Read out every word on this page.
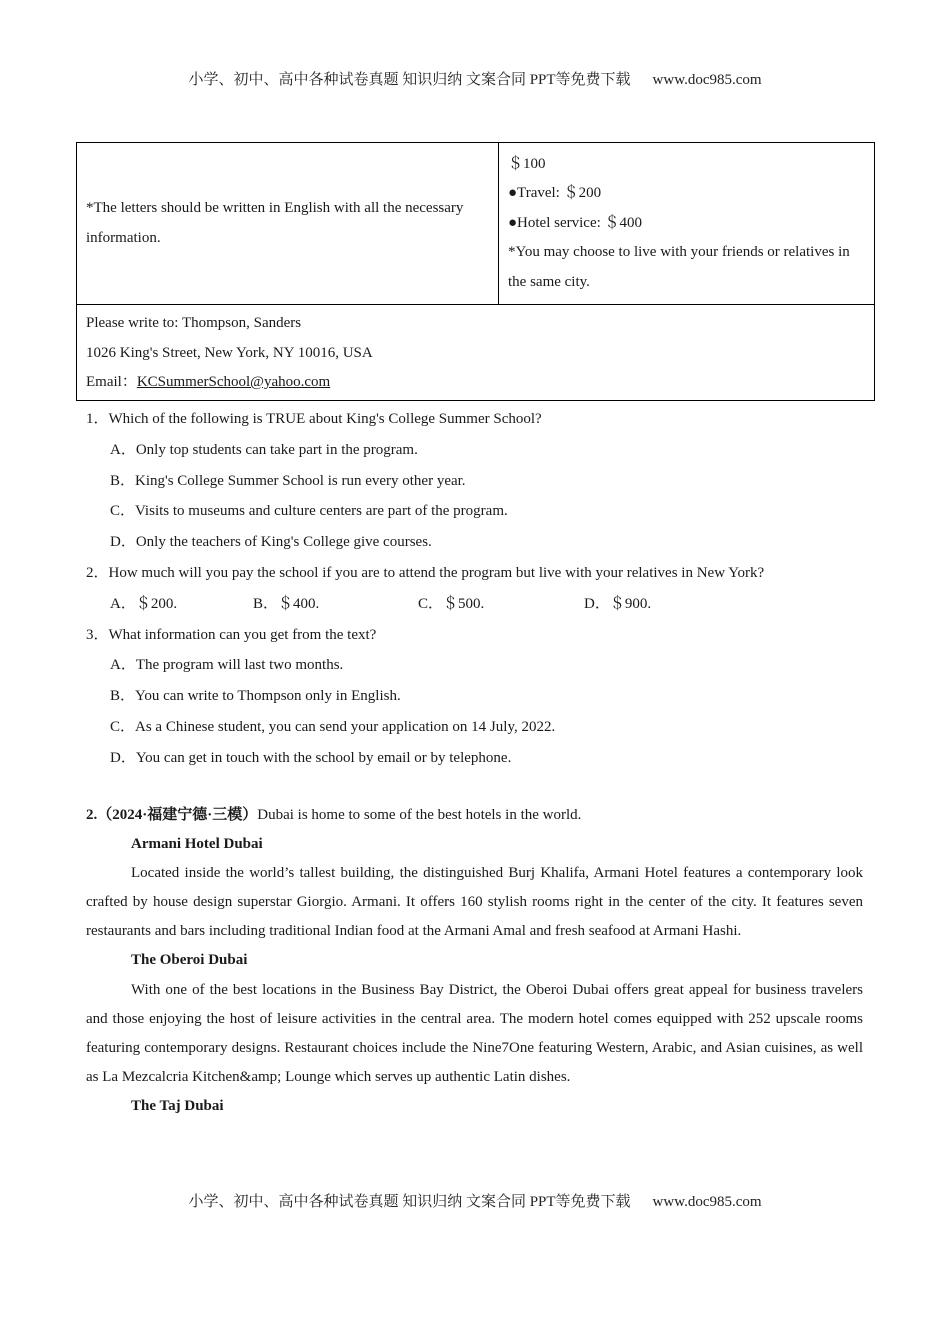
小学、初中、高中各种试卷真题 知识归纳 文案合同 PPT等免费下载 www.doc985.com
*The letters should be written in English with all the necessary information.	
＄100
●Travel: ＄200
●Hotel service: ＄400
*You may choose to live with your friends or relatives in the same city.

Please write to: Thompson, Sanders
1026 King's Street, New York, NY 10016, USA
Email：KCSummerSchool@yahoo.com
1．Which of the following is TRUE about King's College Summer School?
A．Only top students can take part in the program.
B．King's College Summer School is run every other year.
C．Visits to museums and culture centers are part of the program.
D．Only the teachers of King's College give courses.
2．How much will you pay the school if you are to attend the program but live with your relatives in New York?
A．＄200.	B．＄400.	C．＄500.	D．＄900.
3．What information can you get from the text?
A．The program will last two months.
B．You can write to Thompson only in English.
C．As a Chinese student, you can send your application on 14 July, 2022.
D．You can get in touch with the school by email or by telephone.

2.（2024·福建宁德·三模）Dubai is home to some of the best hotels in the world.

Armani Hotel Dubai

Located inside the world’s tallest building, the distinguished Burj Khalifa, Armani Hotel features a contemporary look crafted by house design superstar Giorgio. Armani. It offers 160 stylish rooms right in the center of the city. It features seven restaurants and bars including traditional Indian food at the Armani Amal and fresh seafood at Armani Hashi.

The Oberoi Dubai

With one of the best locations in the Business Bay District, the Oberoi Dubai offers great appeal for business travelers and those enjoying the host of leisure activities in the central area. The modern hotel comes equipped with 252 upscale rooms featuring contemporary designs. Restaurant choices include the Nine7One featuring Western, Arabic, and Asian cuisines, as well as La Mezcalcria Kitchen&amp; Lounge which serves up authentic Latin dishes.

The Taj Dubai

小学、初中、高中各种试卷真题 知识归纳 文案合同 PPT等免费下载 www.doc985.com
